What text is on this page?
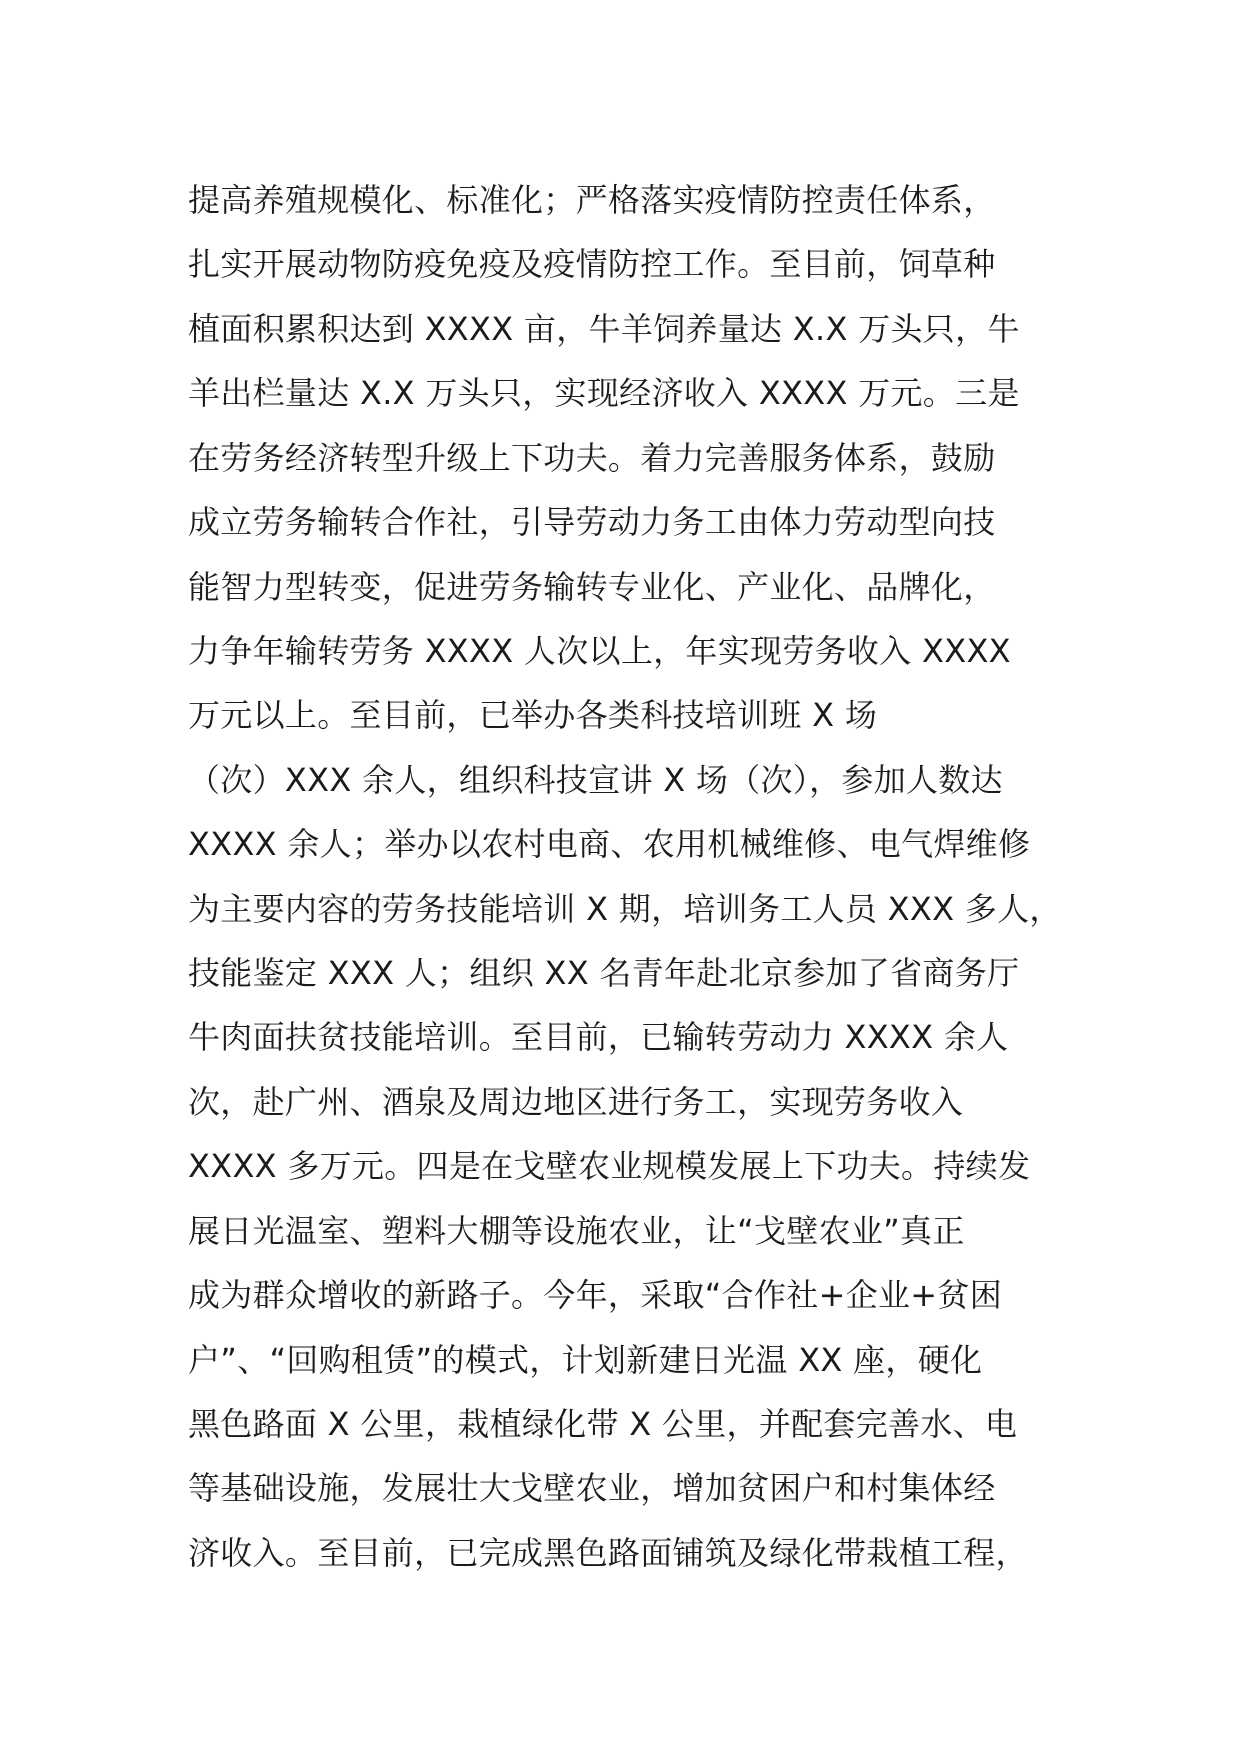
提高养殖规模化、标准化；严格落实疫情防控责任体系，
扎实开展动物防疫免疫及疫情防控工作。至目前，饲草种
植面积累积达到 XXXX 亩，牛羊饲养量达 X.X 万头只，牛
羊出栏量达 X.X 万头只，实现经济收入 XXXX 万元。三是
在劳务经济转型升级上下功夫。着力完善服务体系，鼓励
成立劳务输转合作社，引导劳动力务工由体力劳动型向技
能智力型转变，促进劳务输转专业化、产业化、品牌化，
力争年输转劳务 XXXX 人次以上，年实现劳务收入 XXXX
万元以上。至目前，已举办各类科技培训班 X 场
（次）XXX 余人，组织科技宣讲 X 场（次），参加人数达
XXXX 余人；举办以农村电商、农用机械维修、电气焊维修
为主要内容的劳务技能培训 X 期，培训务工人员 XXX 多人，
技能鉴定 XXX 人；组织 XX 名青年赴北京参加了省商务厅
牛肉面扶贫技能培训。至目前，已输转劳动力 XXXX 余人
次，赴广州、酒泉及周边地区进行务工，实现劳务收入
XXXX 多万元。四是在戈壁农业规模发展上下功夫。持续发
展日光温室、塑料大棚等设施农业，让“戈壁农业”真正
成为群众增收的新路子。今年，采取“合作社+企业+贫困
户”、“回购租赁”的模式，计划新建日光温 XX 座，硬化
黑色路面 X 公里，栽植绿化带 X 公里，并配套完善水、电
等基础设施，发展壮大戈壁农业，增加贫困户和村集体经
济收入。至目前，已完成黑色路面铺筑及绿化带栽植工程，
